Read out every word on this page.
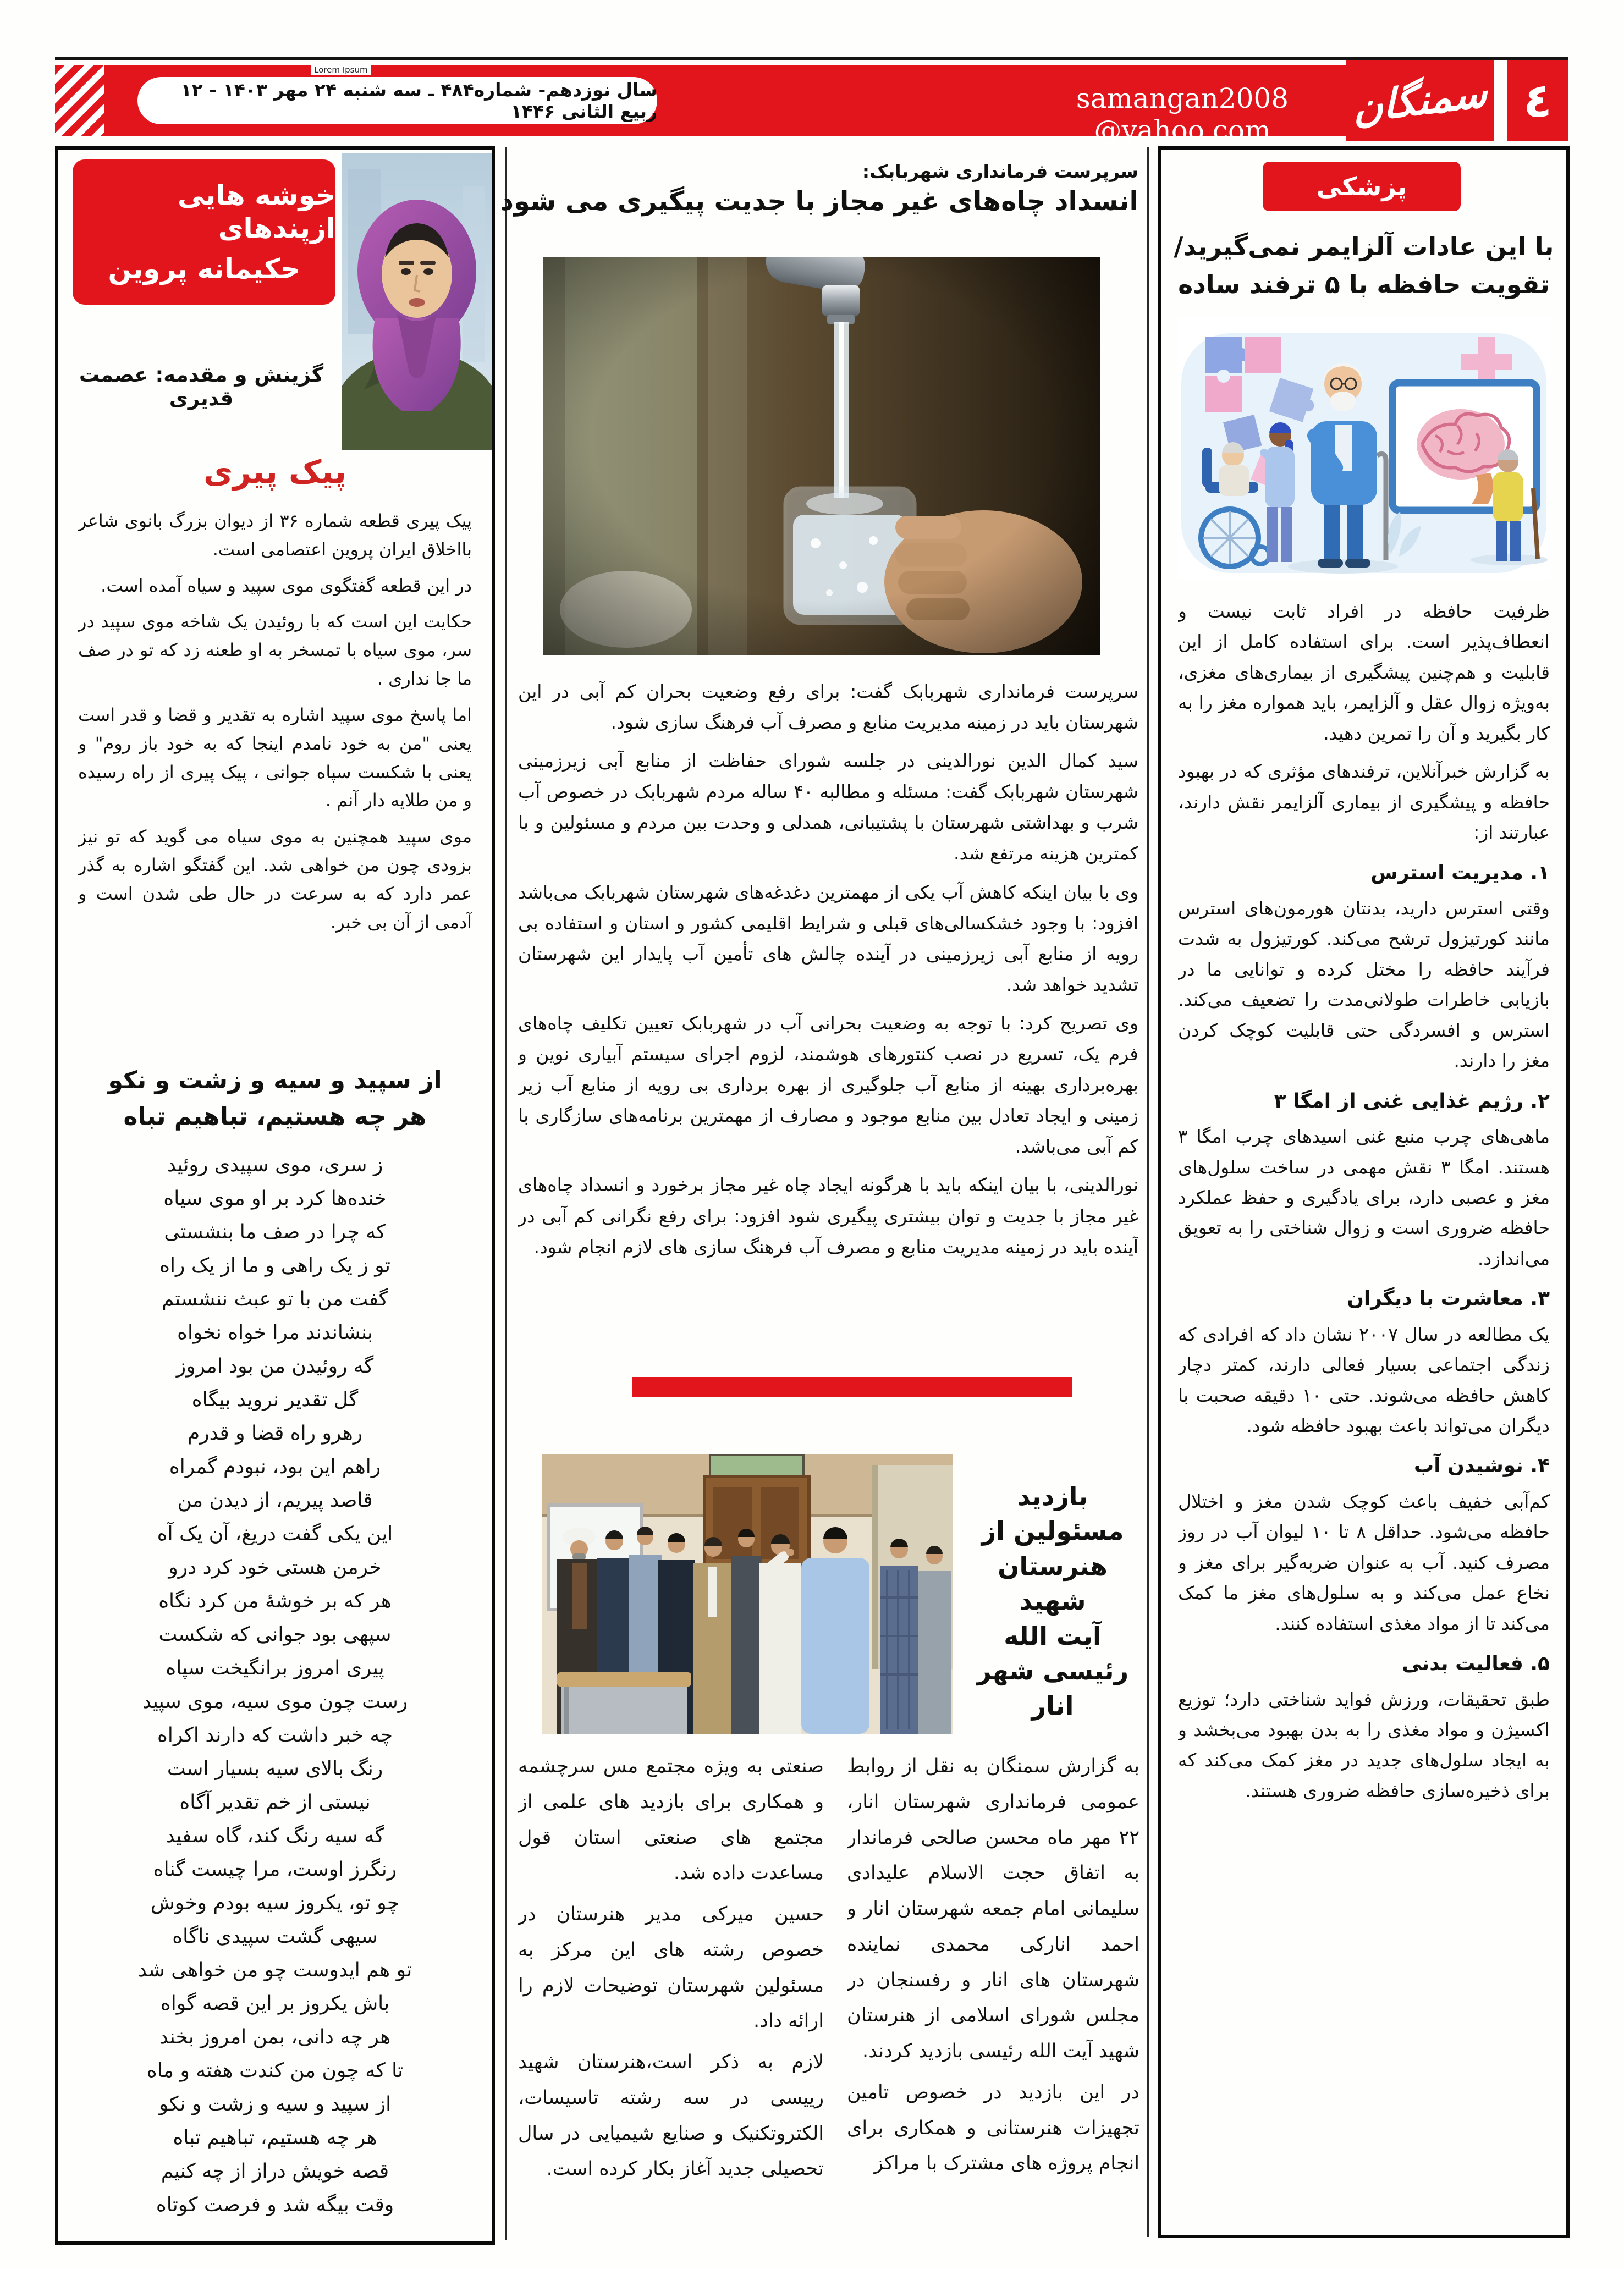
سال نوزدهم- شماره۴۸۴ ـ سه شنبه ۲۴ مهر ۱۴۰۳ - ۱۲ ربیع الثانی ۱۴۴۶
Lorem Ipsum
samangan2008 @yahoo.com	سمنگان ٤
خوشه هایی ازپندهای
حکیمانه پروین
گزینش و مقدمه: عصمت قدیری
پیک پیری

پیک پیری قطعه شماره ۳۶ از دیوان بزرگ بانوی شاعر بااخلاق ایران پروین اعتصامی است.

در این قطعه گفتگوی موی سپید و سیاه آمده است.

حکایت این است که با روئیدن یک شاخه موی سپید در سر، موی سیاه با تمسخر به او طعنه زد که تو در صف ما جا نداری .

اما پاسخ موی سپید اشاره به تقدیر و قضا و قدر است یعنی "من به خود نامدم اینجا که به خود باز روم" و یعنی با شکست سپاه جوانی ، پیک پیری از راه رسیده و من طلایه دار آنم .

موی سپید همچنین به موی سیاه می گوید که تو نیز بزودی چون من خواهی شد. این گفتگو اشاره به گذر عمر دارد که به سرعت در حال طی شدن است و آدمی از آن بی خبر.

از سپید و سیه و زشت و نکو
هر چه هستیم، تباهیم تباه
ز سری، موی سپیدی روئید
خنده‌ها کرد بر او موی سیاه
که چرا در صف ما بنشستی
تو ز یک راهی و ما از یک راه
گفت من با تو عبث ننشستم
بنشاندند مرا خواه نخواه
گه روئیدن من بود امروز
گل تقدیر نروید بیگاه
رهرو راه قضا و قدرم
راهم این بود، نبودم گمراه
قاصد پیریم، از دیدن من
این یکی گفت دریغ، آن یک آه
خرمن هستی خود کرد درو
هر که بر خوشهٔ من کرد نگاه
سپهی بود جوانی که شکست
پیری امروز برانگیخت سپاه
رست چون موی سیه، موی سپید
چه خبر داشت که دارند اکراه
رنگ بالای سیه بسیار است
نیستی از خم تقدیر آگاه
گه سیه رنگ کند، گاه سفید
رنگرز اوست، مرا چیست گناه
چو تو، یکروز سیه بودم وخوش
سیهی گشت سپیدی ناگاه
تو هم ایدوست چو من خواهی شد
باش یکروز بر این قصه گواه
هر چه دانی، بمن امروز بخند
تا که چون من کندت هفته و ماه
از سپید و سیه و زشت و نکو
هر چه هستیم، تباهیم تباه
قصه خویش دراز از چه کنیم
وقت بیگه شد و فرصت کوتاه
سرپرست فرمانداری شهربابک:
انسداد چاه‌های غیر مجاز با جدیت پیگیری می شود

سرپرست فرمانداری شهربابک گفت: برای رفع وضعیت بحران کم آبی در این شهرستان باید در زمینه مدیریت منابع و مصرف آب فرهنگ سازی شود.

سید کمال الدین نورالدینی در جلسه شورای حفاظت از منابع آبی زیرزمینی شهرستان شهربابک گفت: مسئله و مطالبه ۴۰ ساله مردم شهربابک در خصوص آب شرب و بهداشتی شهرستان با پشتیبانی، همدلی و وحدت بین مردم و مسئولین و با کمترین هزینه مرتفع شد.

وی با بیان اینکه کاهش آب یکی از مهمترین دغدغه‌های شهرستان شهربابک می‌باشد افزود: با وجود خشکسالی‌های قبلی و شرایط اقلیمی کشور و استان و استفاده بی رویه از منابع آبی زیرزمینی در آینده چالش های تأمین آب پایدار این شهرستان تشدید خواهد شد.

وی تصریح کرد: با توجه به وضعیت بحرانی آب در شهربابک تعیین تکلیف چاه‌های فرم یک، تسریع در نصب کنتورهای هوشمند، لزوم اجرای سیستم آبیاری نوین و بهره‌برداری بهینه از منابع آب جلوگیری از بهره برداری بی رویه از منابع آب زیر زمینی و ایجاد تعادل بین منابع موجود و مصارف از مهمترین برنامه‌های سازگاری با کم آبی می‌باشد.

نورالدینی، با بیان اینکه باید با هرگونه ایجاد چاه غیر مجاز برخورد و انسداد چاه‌های غیر مجاز با جدیت و توان بیشتری پیگیری شود افزود: برای رفع نگرانی کم آبی در آینده باید در زمینه مدیریت منابع و مصرف آب فرهنگ سازی های لازم انجام شود.

بازدید
مسئولین از
هنرستان
شهید
آیت الله
رئیسی شهر
انار

به گزارش سمنگان به نقل از روابط عمومی فرمانداری شهرستان انار، ۲۲ مهر ماه محسن صالحی فرماندار به اتفاق حجت الاسلام علیدادی سلیمانی امام جمعه شهرستان انار و احمد انارکی محمدی نماینده شهرستان های انار و رفسنجان در مجلس شورای اسلامی از هنرستان شهید آیت الله رئیسی بازدید کردند.

در این بازدید در خصوص تامین تجهیزات هنرستانی و همکاری برای انجام پروژه های مشترک با مراکز

صنعتی به ویژه مجتمع مس سرچشمه و همکاری برای بازدید های علمی از مجتمع های صنعتی استان قول مساعدت داده شد.

حسین میرکی مدیر هنرستان در خصوص رشته های این مرکز به مسئولین شهرستان توضیحات لازم را ارائه داد.

لازم به ذکر است،هنرستان شهید رییسی در سه رشته تاسیسات، الکتروتکنیک و صنایع شیمیایی در سال تحصیلی جدید آغاز بکار کرده است.

پزشکی
با این عادات آلزایمر نمی‌گیرید/
تقویت حافظه با ۵ ترفند ساده

ظرفیت حافظه در افراد ثابت نیست و انعطاف‌پذیر است. برای استفاده کامل از این قابلیت و هم‌چنین پیشگیری از بیماری‌های مغزی، به‌ویژه زوال عقل و آلزایمر، باید همواره مغز را به کار بگیرید و آن را تمرین دهید.

به گزارش خبرآنلاین، ترفندهای مؤثری که در بهبود حافظه و پیشگیری از بیماری آلزایمر نقش دارند، عبارتند از:

۱. مدیریت استرس

وقتی استرس دارید، بدنتان هورمون‌های استرس مانند کورتیزول ترشح می‌کند. کورتیزول به شدت فرآیند حافظه را مختل کرده و توانایی ما در بازیابی خاطرات طولانی‌مدت را تضعیف می‌کند. استرس و افسردگی حتی قابلیت کوچک کردن مغز را دارند.

۲. رژیم غذایی غنی از امگا ۳

ماهی‌های چرب منبع غنی اسیدهای چرب امگا ۳ هستند. امگا ۳ نقش مهمی در ساخت سلول‌های مغز و عصبی دارد، برای یادگیری و حفظ عملکرد حافظه ضروری است و زوال شناختی را به تعویق می‌اندازد.

۳. معاشرت با دیگران

یک مطالعه در سال ۲۰۰۷ نشان داد که افرادی که زندگی اجتماعی بسیار فعالی دارند، کمتر دچار کاهش حافظه می‌شوند. حتی ۱۰ دقیقه صحبت با دیگران می‌تواند باعث بهبود حافظه شود.

۴. نوشیدن آب

کم‌آبی خفیف باعث کوچک شدن مغز و اختلال حافظه می‌شود. حداقل ۸ تا ۱۰ لیوان آب در روز مصرف کنید. آب به عنوان ضربه‌گیر برای مغز و نخاع عمل می‌کند و به سلول‌های مغز ما کمک می‌کند تا از مواد مغذی استفاده کنند.

۵. فعالیت بدنی

طبق تحقیقات، ورزش فواید شناختی دارد؛ توزیع اکسیژن و مواد مغذی را به بدن بهبود می‌بخشد و به ایجاد سلول‌های جدید در مغز کمک می‌کند که برای ذخیره‌سازی حافظه ضروری هستند.
